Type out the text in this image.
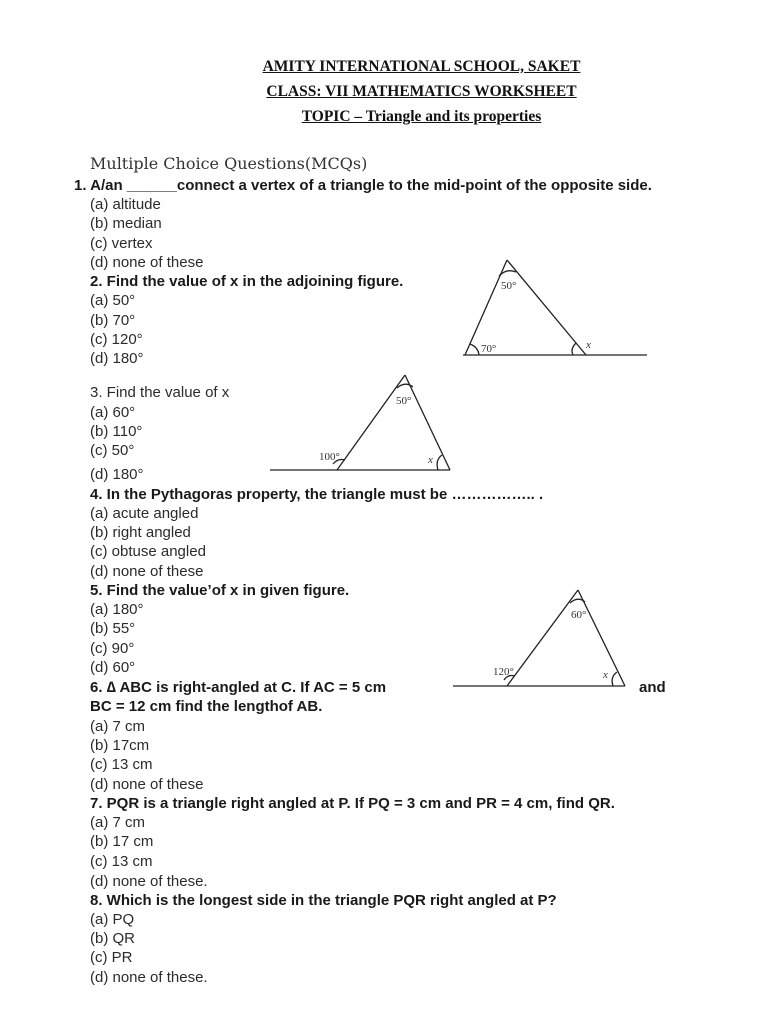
AMITY INTERNATIONAL SCHOOL, SAKET
CLASS: VII MATHEMATICS WORKSHEET
TOPIC – Triangle and its properties
Multiple Choice Questions(MCQs)
1. A/an ______connect a vertex of a triangle to the mid-point of the opposite side.
(a) altitude
(b) median
(c) vertex
(d) none of these
2. Find the value of x in the adjoining figure.
(a) 50°
(b) 70°
(c) 120°
(d) 180°
3. Find the value of x
(a) 60°
(b) 110°
(c) 50°
(d) 180°
4. In the Pythagoras property, the triangle must be …………….. .
(a) acute angled
(b) right angled
(c) obtuse angled
(d) none of these
5. Find the value’of x in given figure.
(a) 180°
(b) 55°
(c) 90°
(d) 60°
6. ∆ ABC is right-angled at C. If AC = 5 cm	and
BC = 12 cm find the lengthof AB.
(a) 7 cm
(b) 17cm
(c) 13 cm
(d) none of these
7. PQR is a triangle right angled at P. If PQ = 3 cm and PR = 4 cm, find QR.
(a) 7 cm
(b) 17 cm
(c) 13 cm
(d) none of these.
8. Which is the longest side in the triangle PQR right angled at P?
(a) PQ
(b) QR
(c) PR
(d) none of these.
50°
70°	x
50°
100°	x
60°
120°	x
